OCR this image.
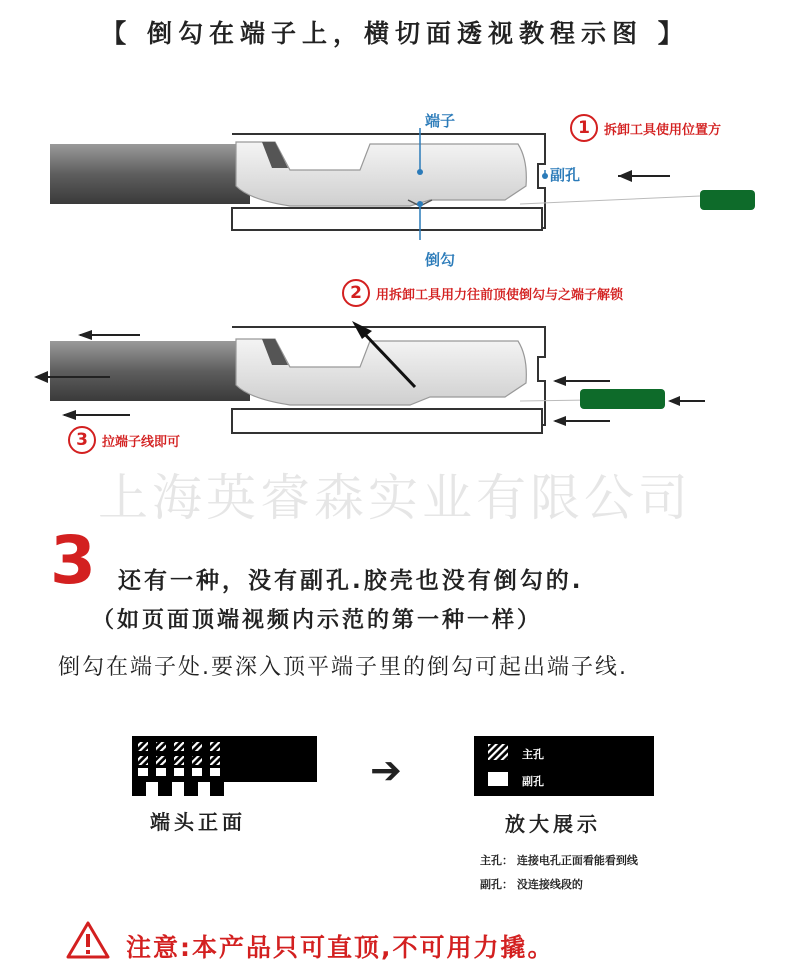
【 倒勾在端子上，横切面透视教程示图 】
端子
副孔
倒勾
1	拆卸工具使用位置方
2	用拆卸工具用力往前顶使倒勾与之端子解锁
3	拉端子线即可
上海英睿森实业有限公司
3 还有一种，没有副孔.胶壳也没有倒勾的.
（如页面顶端视频内示范的第一种一样）
倒勾在端子处.要深入顶平端子里的倒勾可起出端子线.
端头正面
➔	主孔
副孔
放大展示
主孔： 连接电孔正面看能看到线
副孔： 没连接线段的
注意:本产品只可直顶,不可用力撬。
